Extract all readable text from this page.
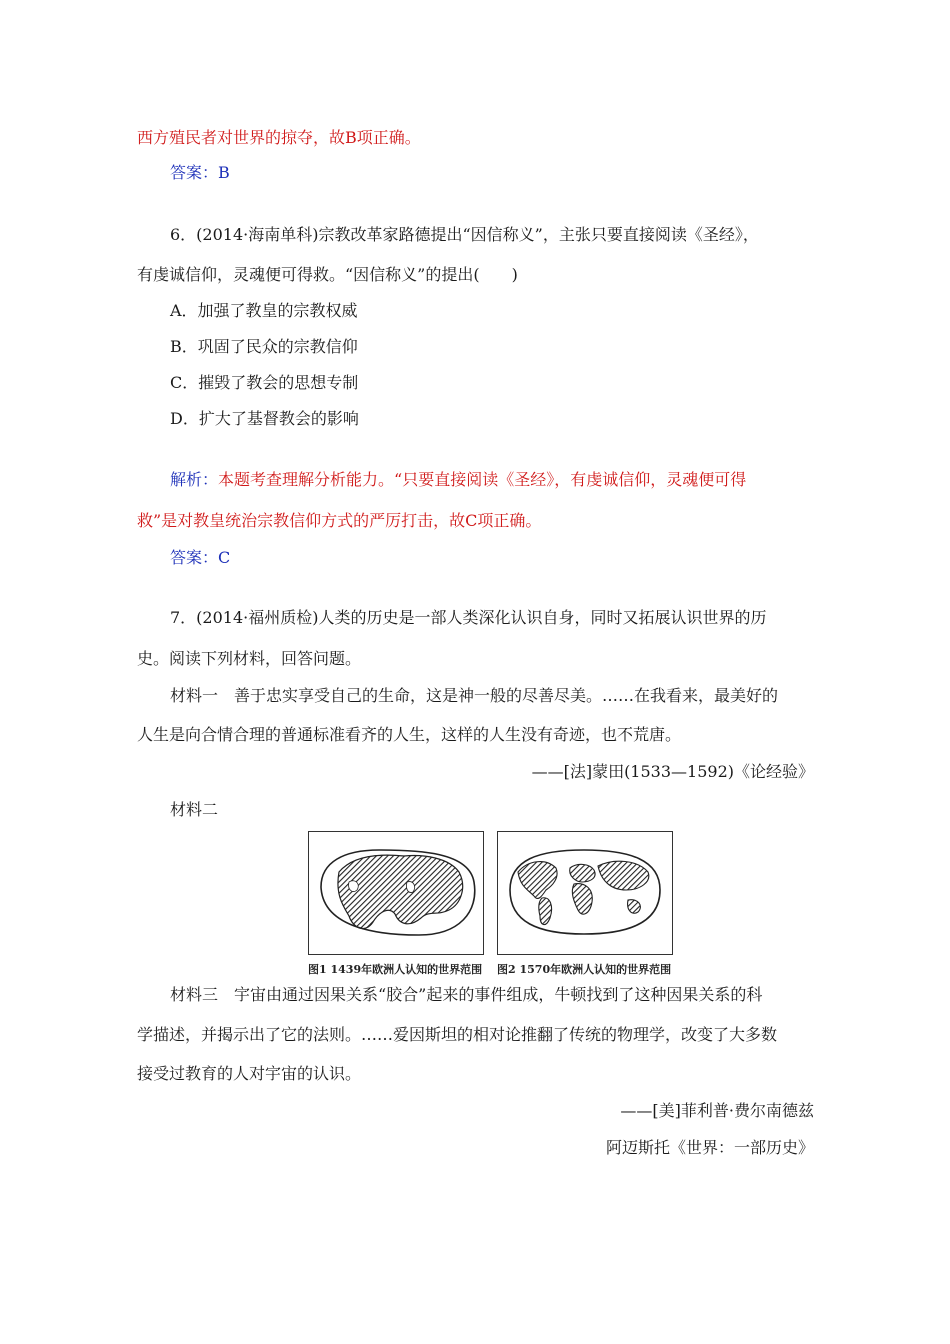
西方殖民者对世界的掠夺，故B项正确。
答案：B
6．(2014·海南单科)宗教改革家路德提出“因信称义”，主张只要直接阅读《圣经》，
有虔诚信仰，灵魂便可得救。“因信称义”的提出(　　)
A．加强了教皇的宗教权威
B．巩固了民众的宗教信仰
C．摧毁了教会的思想专制
D．扩大了基督教会的影响
解析：本题考查理解分析能力。“只要直接阅读《圣经》，有虔诚信仰，灵魂便可得
救”是对教皇统治宗教信仰方式的严厉打击，故C项正确。
答案：C
7．(2014·福州质检)人类的历史是一部人类深化认识自身，同时又拓展认识世界的历
史。阅读下列材料，回答问题。
材料一　善于忠实享受自己的生命，这是神一般的尽善尽美。……在我看来，最美好的
人生是向合情合理的普通标准看齐的人生，这样的人生没有奇迹，也不荒唐。
——[法]蒙田(1533—1592)《论经验》
材料二
图1 1439年欧洲人认知的世界范围 图2 1570年欧洲人认知的世界范围
材料三　宇宙由通过因果关系“胶合”起来的事件组成，牛顿找到了这种因果关系的科
学描述，并揭示出了它的法则。……爱因斯坦的相对论推翻了传统的物理学，改变了大多数
接受过教育的人对宇宙的认识。
——[美]菲利普·费尔南德兹
阿迈斯托《世界：一部历史》
